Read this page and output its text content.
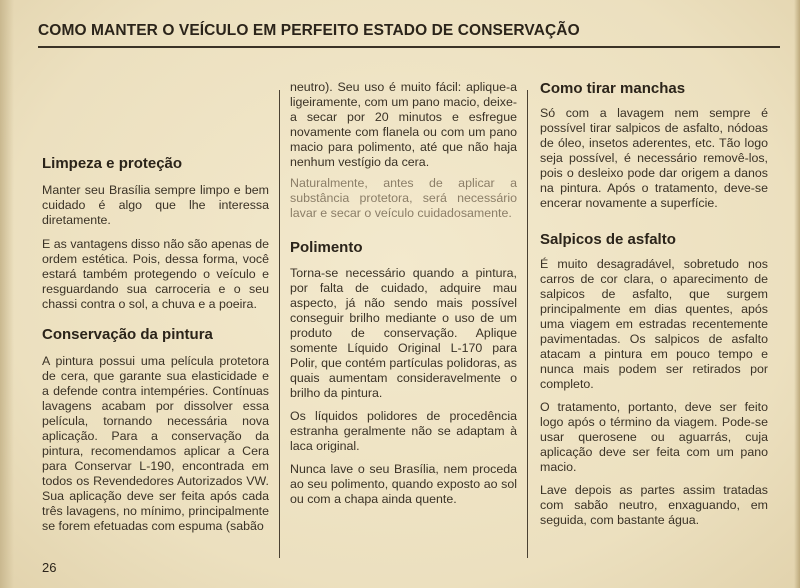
COMO MANTER O VEÍCULO EM PERFEITO ESTADO DE CONSERVAÇÃO
Limpeza e proteção

Manter seu Brasília sempre limpo e bem cuidado é algo que lhe interessa diretamente.

E as vantagens disso não são apenas de ordem estética. Pois, dessa forma, você estará também protegendo o veículo e resguardando sua carroceria e o seu chassi contra o sol, a chuva e a poeira.

Conservação da pintura

A pintura possui uma película protetora de cera, que garante sua elasticidade e a defende contra intempéries. Contínuas lavagens acabam por dissolver essa película, tornando necessária nova aplicação. Para a conservação da pintura, recomendamos aplicar a Cera para Conservar L-190, encontrada em todos os Revendedores Autorizados VW. Sua aplicação deve ser feita após cada três lavagens, no mínimo, principalmente se forem efetuadas com espuma (sabão

neutro). Seu uso é muito fácil: aplique-a ligeiramente, com um pano macio, deixe-a secar por 20 minutos e esfregue novamente com flanela ou com um pano macio para polimento, até que não haja nenhum vestígio da cera.

Naturalmente, antes de aplicar a substância protetora, será necessário lavar e secar o veículo cuidadosamente.

Polimento

Torna-se necessário quando a pintura, por falta de cuidado, adquire mau aspecto, já não sendo mais possível conseguir brilho mediante o uso de um produto de conservação. Aplique somente Líquido Original L-170 para Polir, que contém partículas polidoras, as quais aumentam consideravelmente o brilho da pintura.

Os líquidos polidores de procedência estranha geralmente não se adaptam à laca original.

Nunca lave o seu Brasília, nem proceda ao seu polimento, quando exposto ao sol ou com a chapa ainda quente.

Como tirar manchas

Só com a lavagem nem sempre é possível tirar salpicos de asfalto, nódoas de óleo, insetos aderentes, etc. Tão logo seja possível, é necessário removê-los, pois o desleixo pode dar origem a danos na pintura. Após o tratamento, deve-se encerar novamente a superfície.

Salpicos de asfalto

É muito desagradável, sobretudo nos carros de cor clara, o aparecimento de salpicos de asfalto, que surgem principalmente em dias quentes, após uma viagem em estradas recentemente pavimentadas. Os salpicos de asfalto atacam a pintura em pouco tempo e nunca mais podem ser retirados por completo.

O tratamento, portanto, deve ser feito logo após o término da viagem. Pode-se usar querosene ou aguarrás, cuja aplicação deve ser feita com um pano macio.

Lave depois as partes assim tratadas com sabão neutro, enxaguando, em seguida, com bastante água.

26
